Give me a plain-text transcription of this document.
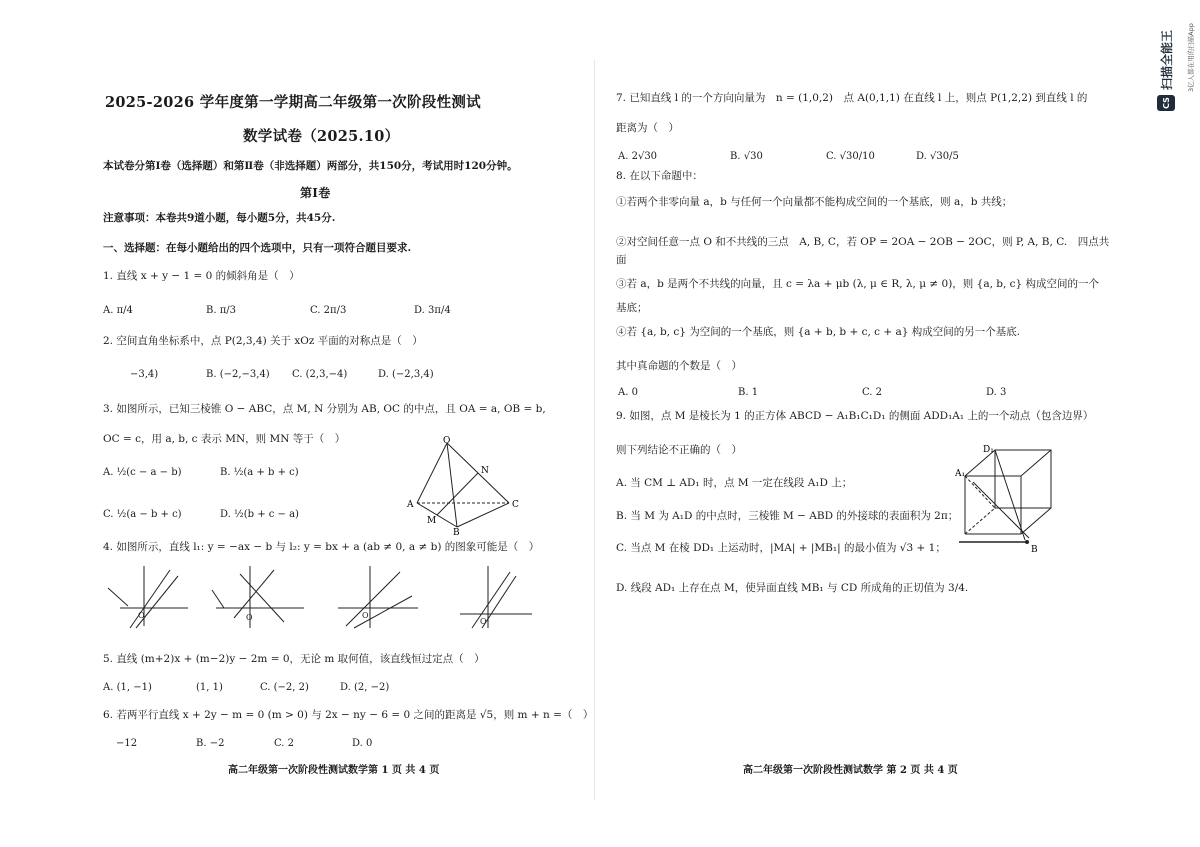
2025-2026 学年度第一学期高二年级第一次阶段性测试
数学试卷（2025.10）
本试卷分第Ⅰ卷（选择题）和第Ⅱ卷（非选择题）两部分，共150分，考试用时120分钟。
第Ⅰ卷
注意事项：本卷共9道小题，每小题5分，共45分.
一、选择题：在每小题给出的四个选项中，只有一项符合题目要求.
1. 直线 x + y − 1 = 0 的倾斜角是（　）
A. π/4	B. π/3	C. 2π/3	D. 3π/4
2. 空间直角坐标系中，点 P(2,3,4) 关于 xOz 平面的对称点是（　）
−3,4)	B. (−2,−3,4) C. (2,3,−4)	D. (−2,3,4)
3. 如图所示，已知三棱锥 O − ABC，点 M, N 分别为 AB, OC 的中点，且 OA = a, OB = b,
OC = c，用 a, b, c 表示 MN，则 MN 等于（　）
A. ½(c − a − b)	B. ½(a + b + c)
C. ½(a − b + c)	D. ½(b + c − a)
O
A
B
C
M
N
4. 如图所示，直线 l₁: y = −ax − b 与 l₂: y = bx + a (ab ≠ 0, a ≠ b) 的图象可能是（　）
O	O	O
O
5. 直线 (m+2)x + (m−2)y − 2m = 0，无论 m 取何值，该直线恒过定点（　）
A. (1, −1)	(1, 1)	C. (−2, 2)	D. (2, −2)
6. 若两平行直线 x + 2y − m = 0 (m > 0) 与 2x − ny − 6 = 0 之间的距离是 √5，则 m + n =（　）
−12	B. −2	C. 2	D. 0
高二年级第一次阶段性测试数学第 1 页 共 4 页
7. 已知直线 l 的一个方向向量为　n = (1,0,2)　点 A(0,1,1) 在直线 l 上，则点 P(1,2,2) 到直线 l 的
距离为（　）
A. 2√30	B. √30	C. √30/10	D. √30/5
8. 在以下命题中：
①若两个非零向量 a，b 与任何一个向量都不能构成空间的一个基底，则 a，b 共线；
②对空间任意一点 O 和不共线的三点　A, B, C，若 OP = 2OA − 2OB − 2OC，则 P, A, B, C.　四点共
面
③若 a，b 是两个不共线的向量，且 c = λa + μb (λ, μ ∈ R, λ, μ ≠ 0)，则 {a, b, c} 构成空间的一个
基底；
④若 {a, b, c} 为空间的一个基底，则 {a + b, b + c, c + a} 构成空间的另一个基底.
其中真命题的个数是（　）
A. 0	B. 1	C. 2	D. 3
9. 如图，点 M 是棱长为 1 的正方体 ABCD − A₁B₁C₁D₁ 的侧面 ADD₁A₁ 上的一个动点（包含边界）
则下列结论不正确的（　）
A. 当 CM ⊥ AD₁ 时，点 M 一定在线段 A₁D 上；
B. 当 M 为 A₁D 的中点时，三棱锥 M − ABD 的外接球的表面积为 2π；
C. 当点 M 在棱 DD₁ 上运动时，|MA| + |MB₁| 的最小值为 √3 + 1；
D. 线段 AD₁ 上存在点 M，使异面直线 MB₁ 与 CD 所成角的正切值为 3/4.
D₁
A₁
B
高二年级第一次阶段性测试数学 第 2 页 共 4 页
扫描全能王 3亿人都在用的扫描App
CS
